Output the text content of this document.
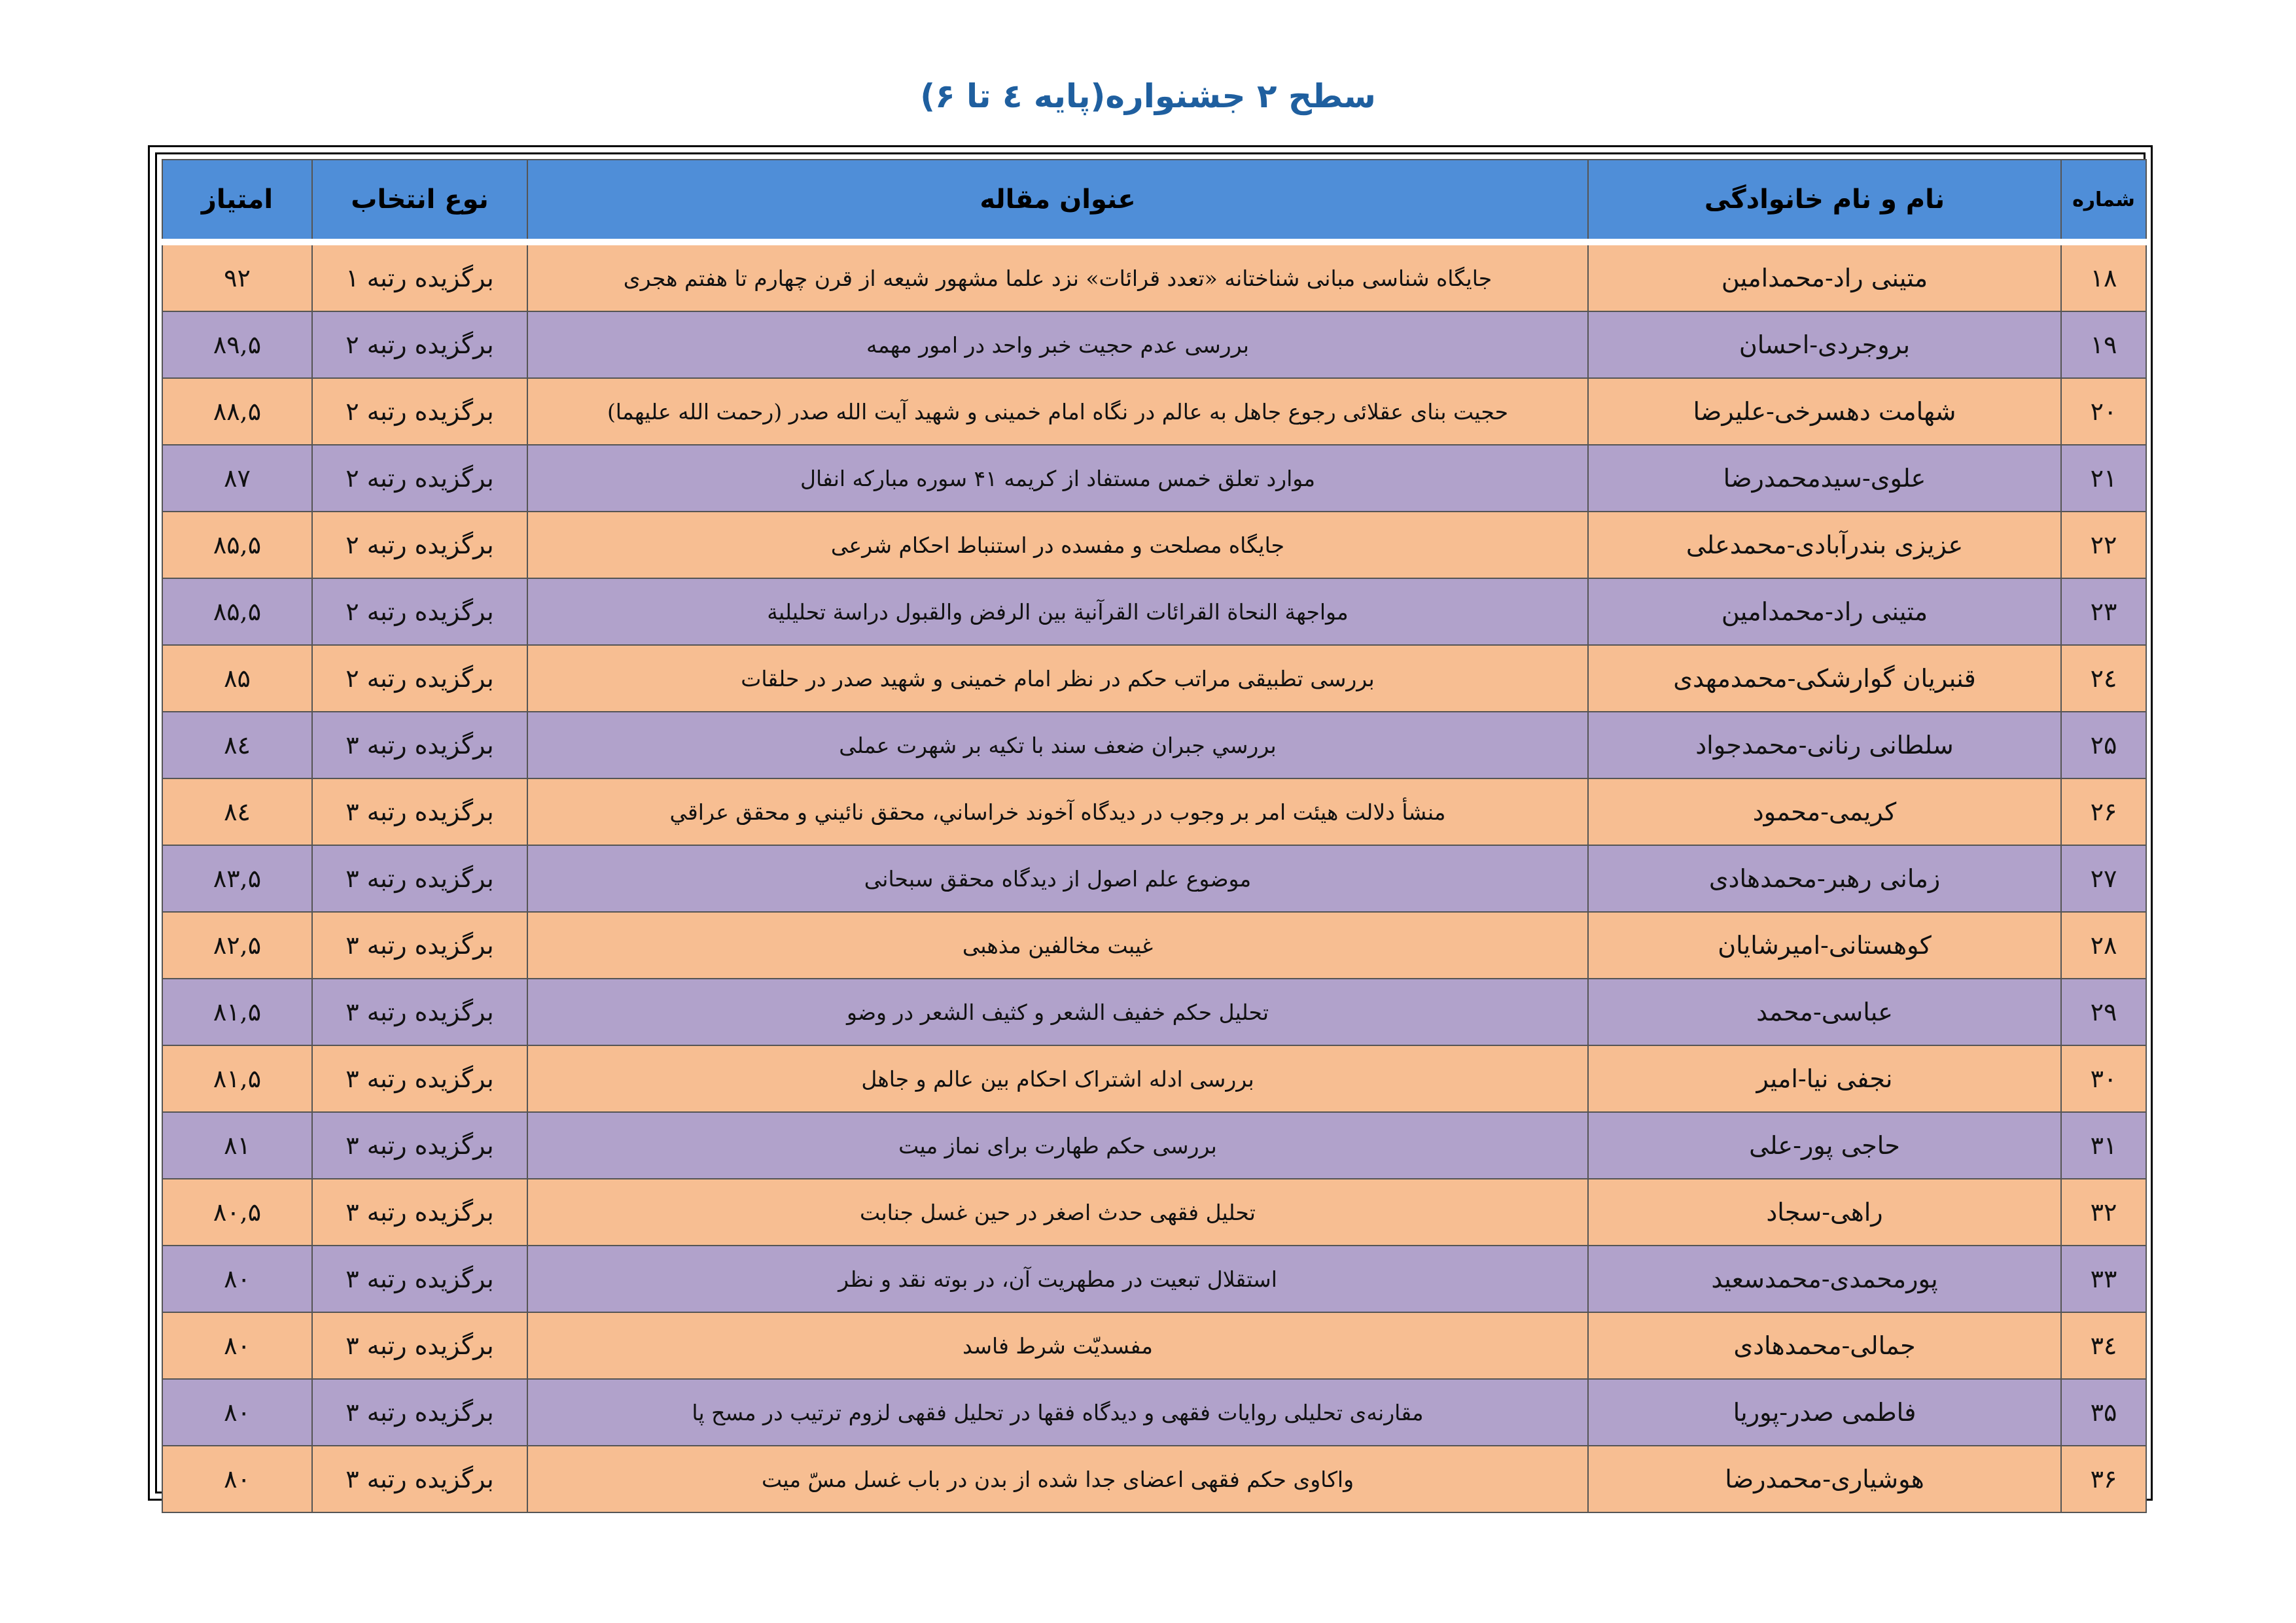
سطح ۲ جشنواره(پایه ٤ تا ۶)
شماره	نام و نام خانوادگی	عنوان مقاله	نوع انتخاب	امتیاز
۱۸	متینی راد-محمدامین	جایگاه شناسی مبانی شناختانه «تعدد قرائات» نزد علما مشهور شیعه از قرن چهارم تا هفتم هجری	برگزیده رتبه ۱	۹۲
۱۹	بروجردی-احسان	بررسی عدم حجیت خبر واحد در امور مهمه	برگزیده رتبه ۲	۸۹,۵
۲۰	شهامت دهسرخی-علیرضا	حجیت بنای عقلائی رجوع جاهل به عالم در نگاه امام خمینی و شهید آیت الله صدر (رحمت الله علیهما)	برگزیده رتبه ۲	۸۸,۵
۲۱	علوی-سیدمحمدرضا	موارد تعلق خمس مستفاد از کریمه ۴۱ سوره مبارکه انفال	برگزیده رتبه ۲	۸۷
۲۲	عزیزی بندرآبادی-محمدعلی	جایگاه مصلحت و مفسده در استنباط احکام شرعی	برگزیده رتبه ۲	۸۵,۵
۲۳	متینی راد-محمدامین	مواجهة النحاة القرائات القرآنیة بین الرفض والقبول دراسة تحلیلیة	برگزیده رتبه ۲	۸۵,۵
۲٤	قنبریان گوارشکی-محمدمهدی	بررسی تطبیقی مراتب حکم در نظر امام خمینی و شهید صدر در حلقات	برگزیده رتبه ۲	۸۵
۲۵	سلطانی رنانی-محمدجواد	بررسي جبران ضعف سند با تکیه بر شهرت عملی	برگزیده رتبه ۳	۸٤
۲۶	کریمی-محمود	منشأ دلالت هیئت امر بر وجوب در دیدگاه آخوند خراساني، محقق نائيني و محقق عراقي	برگزیده رتبه ۳	۸٤
۲۷	زمانی رهبر-محمدهادی	موضوع علم اصول از دیدگاه محقق سبحانی	برگزیده رتبه ۳	۸۳,۵
۲۸	کوهستانی-امیرشایان	غیبت مخالفین مذهبی	برگزیده رتبه ۳	۸۲,۵
۲۹	عباسی-محمد	تحلیل حکم خفیف الشعر و کثیف الشعر در وضو	برگزیده رتبه ۳	۸۱,۵
۳۰	نجفی نیا-امیر	بررسی ادله اشتراک احکام بین عالم و جاهل	برگزیده رتبه ۳	۸۱,۵
۳۱	حاجی پور-علی	بررسی حکم طهارت برای نماز میت	برگزیده رتبه ۳	۸۱
۳۲	راهی-سجاد	تحلیل فقهی حدث اصغر در حین غسل جنابت	برگزیده رتبه ۳	۸۰,۵
۳۳	پورمحمدی-محمدسعید	استقلال تبعیت در مطهریت آن، در بوته نقد و نظر	برگزیده رتبه ۳	۸۰
۳٤	جمالی-محمدهادی	مفسدیّت شرط فاسد	برگزیده رتبه ۳	۸۰
۳۵	فاطمی صدر-پوریا	مقارنه‌ی تحلیلی روایات فقهی و دیدگاه فقها در تحلیل فقهی لزوم ترتیب در مسح پا	برگزیده رتبه ۳	۸۰
۳۶	هوشیاری-محمدرضا	واکاوی حکم فقهی اعضای جدا شده از بدن در باب غسل مسّ میت	برگزیده رتبه ۳	۸۰
